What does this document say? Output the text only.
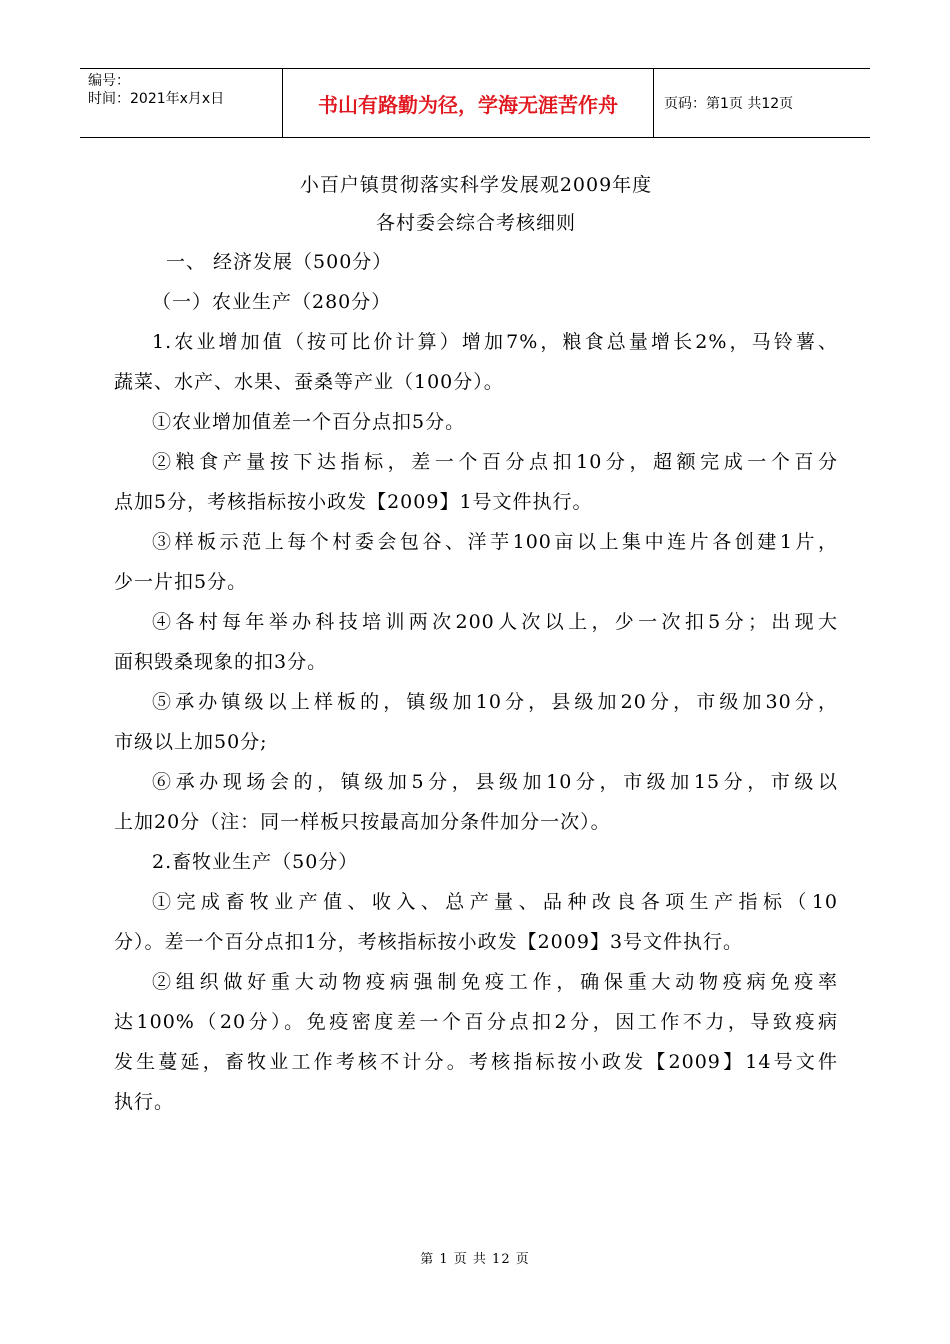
编号：
时间：2021年x月x日	书山有路勤为径，学海无涯苦作舟	页码：第1页 共12页
小百户镇贯彻落实科学发展观2009年度
各村委会综合考核细则
一、 经济发展（500分）
（一）农业生产（280分）
1.农业增加值（按可比价计算）增加7%，粮食总量增长2%，马铃薯、
蔬菜、水产、水果、蚕桑等产业（100分）。
①农业增加值差一个百分点扣5分。
②粮食产量按下达指标，差一个百分点扣10分，超额完成一个百分
点加5分，考核指标按小政发【2009】1号文件执行。
③样板示范上每个村委会包谷、洋芋100亩以上集中连片各创建1片，
少一片扣5分。
④各村每年举办科技培训两次200人次以上，少一次扣5分；出现大
面积毁桑现象的扣3分。
⑤承办镇级以上样板的，镇级加10分，县级加20分，市级加30分，
市级以上加50分;
⑥承办现场会的，镇级加5分，县级加10分，市级加15分，市级以
上加20分（注：同一样板只按最高加分条件加分一次）。
2.畜牧业生产（50分）
①完成畜牧业产值、收入、总产量、品种改良各项生产指标（10
分）。差一个百分点扣1分，考核指标按小政发【2009】3号文件执行。
②组织做好重大动物疫病强制免疫工作，确保重大动物疫病免疫率
达100%（20分）。免疫密度差一个百分点扣2分，因工作不力，导致疫病
发生蔓延，畜牧业工作考核不计分。考核指标按小政发【2009】14号文件
执行。
第 1 页 共 12 页
